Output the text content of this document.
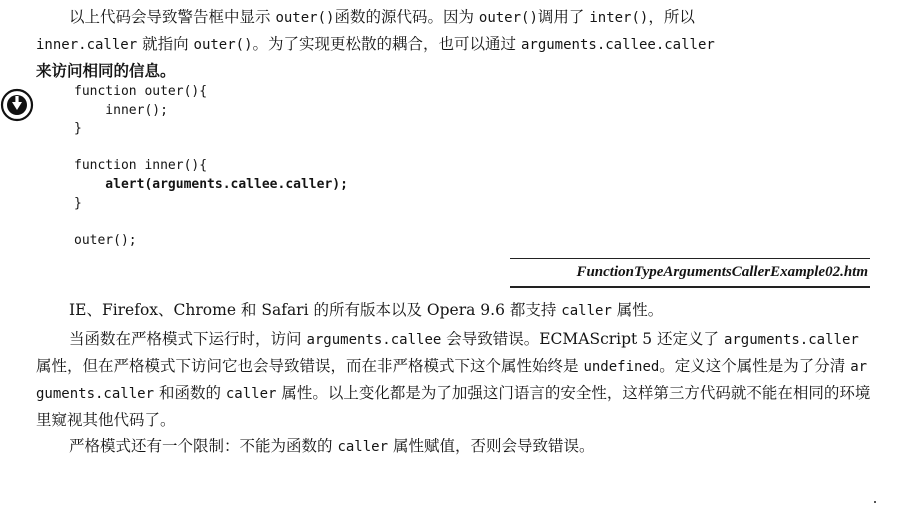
以上代码会导致警告框中显示 outer()函数的源代码。因为 outer()调用了 inter()，所以
inner.caller 就指向 outer()。为了实现更松散的耦合，也可以通过 arguments.callee.caller
来访问相同的信息。

function outer(){
inner();
}

function inner(){
alert(arguments.callee.caller);
}

outer();
FunctionTypeArgumentsCallerExample02.htm

IE、Firefox、Chrome 和 Safari 的所有版本以及 Opera 9.6 都支持 caller 属性。

当函数在严格模式下运行时，访问 arguments.callee 会导致错误。ECMAScript 5 还定义了 arguments.caller 属性，但在严格模式下访问它也会导致错误，而在非严格模式下这个属性始终是 undefined。定义这个属性是为了分清 arguments.caller 和函数的 caller 属性。以上变化都是为了加强这门语言的安全性，这样第三方代码就不能在相同的环境里窥视其他代码了。

严格模式还有一个限制：不能为函数的 caller 属性赋值，否则会导致错误。
